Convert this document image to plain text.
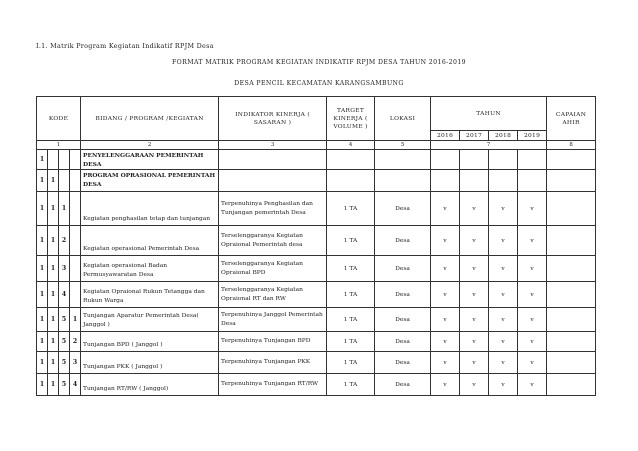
I.1. Matrik Program Kegiatan Indikatif RPJM Desa
FORMAT MATRIK PROGRAM KEGIATAN INDIKATIF RPJM DESA TAHUN 2016-2019
DESA PENCIL KECAMATAN KARANGSAMBUNG
KODE				BIDANG / PROGRAM /KEGIATAN	INDIKATOR KINERJA ( SASARAN )	TARGET KINERJA ( VOLUME )	LOKASI	TAHUN				CAPAIAN AHIR
								2016	2017	2018	2019	
1				2	3	4	5	7				8
1				PENYELENGGARAAN PEMERINTAH DESA								
1	1			PROGRAM OPRASIONAL PEMERINTAH DESA								
1	1	1		Kegiatan penghasilan tetap dan tunjangan	Terpenuhinya Penghasilan dan Tunjangan pemerintah Desa	1 TA	Desa	v	v	v	v	
1	1	2		Kegiatan operasional Pemerintah Desa	Terselenggaranya Kegiatan Opraional Pemerintah desa	1 TA	Desa	v	v	v	v	
1	1	3		Kegiatan operasional Badan Permusyawaratan Desa	Terselenggaranya Kegiatan Opraional BPD	1 TA	Desa	v	v	v	v	
1	1	4		Kegiatan Opraional Rukun Tetangga dan Rukun Warga	Terselenggaranya Kegiatan Opraional RT dan RW	1 TA	Desa	v	v	v	v	
1	1	5	1	Tunjangan Aparatur Pemerintah Desa( Janggol )	Terpenuhinya Janggol Pemerintah Desa	1 TA	Desa	v	v	v	v	
1	1	5	2	Tunjangan BPD ( Janggol )	Terpenuhinya Tunjangan BPD	1 TA	Desa	v	v	v	v	
1	1	5	3	Tunjangan PKK ( Janggol )	Terpenuhinya Tunjangan PKK	1 TA	Desa	v	v	v	v	
1	1	5	4	Tunjangan RT/RW ( Janggol)	Terpenuhinya Tunjangan RT/RW	1 TA	Desa	v	v	v	v	
